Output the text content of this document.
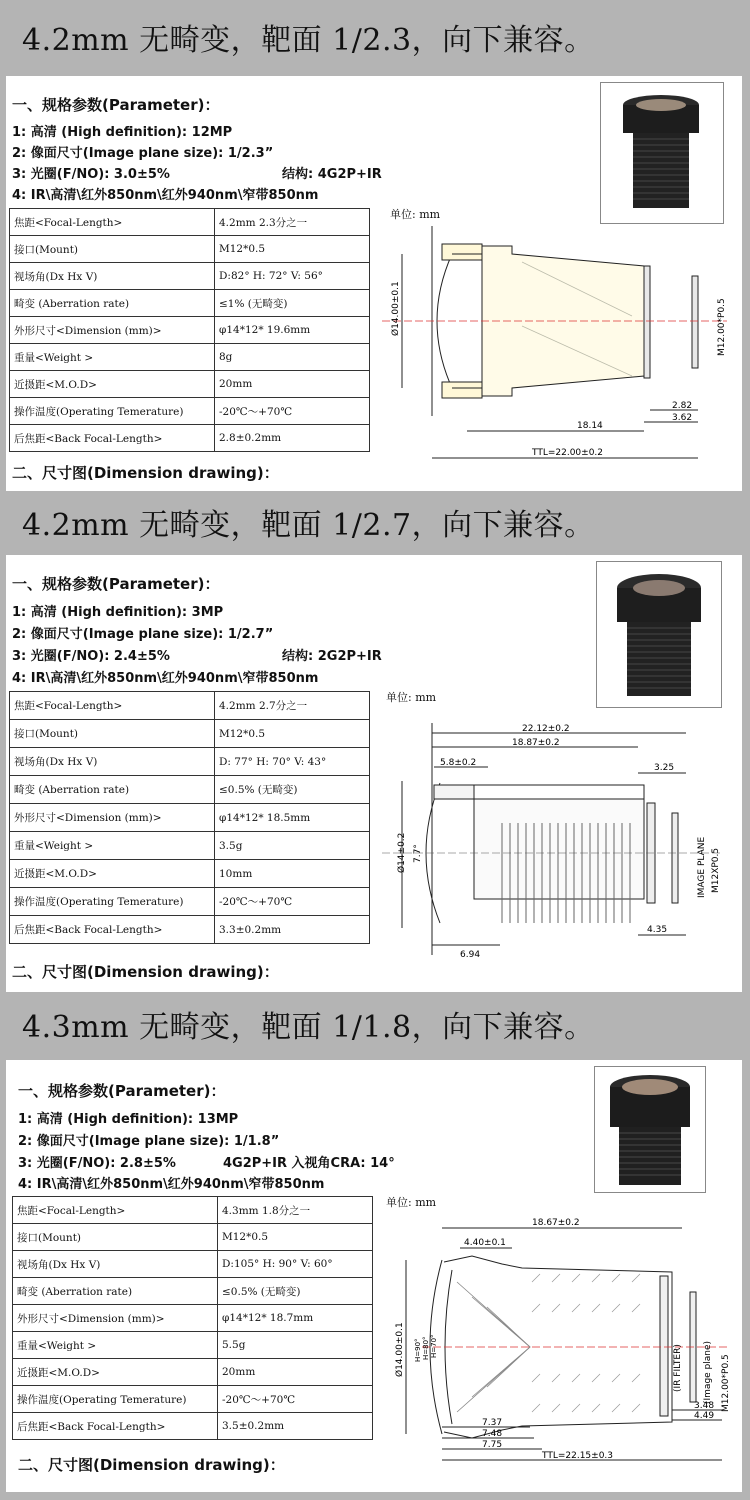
4.2mm 无畸变，靶面 1/2.3，向下兼容。
一、规格参数(Parameter)：
1: 高清 (High definition): 12MP
2: 像面尺寸(Image plane size): 1/2.3”
3: 光圈(F/NO): 3.0±5%	结构: 4G2P+IR
4: IR\高清\红外850nm\红外940nm\窄带850nm
焦距<Focal-Length>	4.2mm 2.3分之一
接口(Mount)	M12*0.5
视场角(Dx Hx V)	D:82° H: 72° V: 56°
畸变 (Aberration rate)	≤1% (无畸变)
外形尺寸<Dimension (mm)>	φ14*12* 19.6mm
重量<Weight >	8g
近摄距<M.O.D>	20mm
操作温度(Operating Temerature)	-20℃～+70℃
后焦距<Back Focal-Length>	2.8±0.2mm
单位: mm
Ø14.00±0.1	M12.00*P0.5
2.82
3.62
18.14
TTL=22.00±0.2
二、尺寸图(Dimension drawing)：
4.2mm 无畸变，靶面 1/2.7，向下兼容。
一、规格参数(Parameter)：
1: 高清 (High definition): 3MP
2: 像面尺寸(Image plane size): 1/2.7”
3: 光圈(F/NO): 2.4±5%	结构: 2G2P+IR
4: IR\高清\红外850nm\红外940nm\窄带850nm
焦距<Focal-Length>	4.2mm 2.7分之一
接口(Mount)	M12*0.5
视场角(Dx Hx V)	D: 77° H: 70° V: 43°
畸变 (Aberration rate)	≤0.5% (无畸变)
外形尺寸<Dimension (mm)>	φ14*12* 18.5mm
重量<Weight >	3.5g
近摄距<M.O.D>	10mm
操作温度(Operating Temerature)	-20℃～+70℃
后焦距<Back Focal-Length>	3.3±0.2mm
单位: mm
22.12±0.2
18.87±0.2
5.8±0.2	3.25
Ø14±0.2 7.7°	IMAGE PLANE M12XP0.5
6.94
4.35
二、尺寸图(Dimension drawing)：
4.3mm 无畸变，靶面 1/1.8，向下兼容。
一、规格参数(Parameter)：
1: 高清 (High definition): 13MP
2: 像面尺寸(Image plane size): 1/1.8”
3: 光圈(F/NO): 2.8±5%	4G2P+IR 入视角CRA: 14°
4: IR\高清\红外850nm\红外940nm\窄带850nm
焦距<Focal-Length>	4.3mm 1.8分之一
接口(Mount)	M12*0.5
视场角(Dx Hx V)	D:105° H: 90° V: 60°
畸变 (Aberration rate)	≤0.5% (无畸变)
外形尺寸<Dimension (mm)>	φ14*12* 18.7mm
重量<Weight >	5.5g
近摄距<M.O.D>	20mm
操作温度(Operating Temerature)	-20℃～+70℃
后焦距<Back Focal-Length>	3.5±0.2mm
单位: mm
18.67±0.2
4.40±0.1
Ø14.00±0.1 H=90° H=80° H=70°	(IR FILTER) (Image plane) M12.00*P0.5
3.48
4.49
7.37
7.48
7.75
TTL=22.15±0.3
二、尺寸图(Dimension drawing)：
